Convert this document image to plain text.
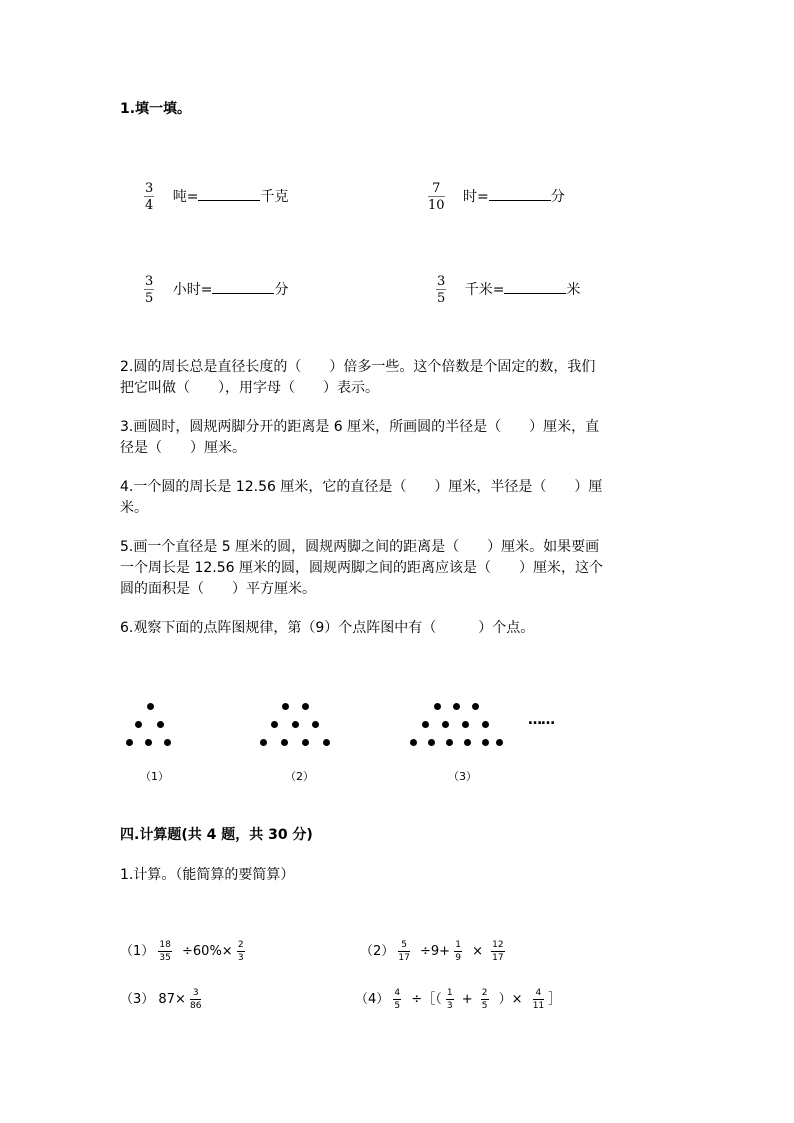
1.填一填。
$\frac{3}{4}$ 吨=	千克	$\frac{7}{10}$ 时=	分
$\frac{3}{5}$ 小时=	分	$\frac{3}{5}$ 千米=	米
2.圆的周长总是直径长度的（　　）倍多一些。这个倍数是个固定的数，我们
把它叫做（　　），用字母（　　）表示。
3.画圆时，圆规两脚分开的距离是 6 厘米，所画圆的半径是（　　）厘米，直
径是（　　）厘米。
4.一个圆的周长是 12.56 厘米，它的直径是（　　）厘米，半径是（　　）厘
米。
5.画一个直径是 5 厘米的圆，圆规两脚之间的距离是（　　）厘米。如果要画
一个周长是 12.56 厘米的圆，圆规两脚之间的距离应该是（　　）厘米，这个
圆的面积是（　　）平方厘米。
6.观察下面的点阵图规律，第（9）个点阵图中有（　　　）个点。
……
（1）	（2）	（3）
四.计算题(共 4 题，共 30 分)
1.计算。（能简算的要简算）
$(1) \frac{18}{35} \div 60\%\times \frac{2}{3}$	$(2) \frac{5}{17} \div 9+ \frac{1}{9} \times \frac{12}{17}$
（3） $87\times \frac{3}{86}$	$(4) \frac{4}{5}$ ÷［（ $\frac{1}{3} + \frac{2}{5}$ ）× $\frac{4}{11}$ ］
